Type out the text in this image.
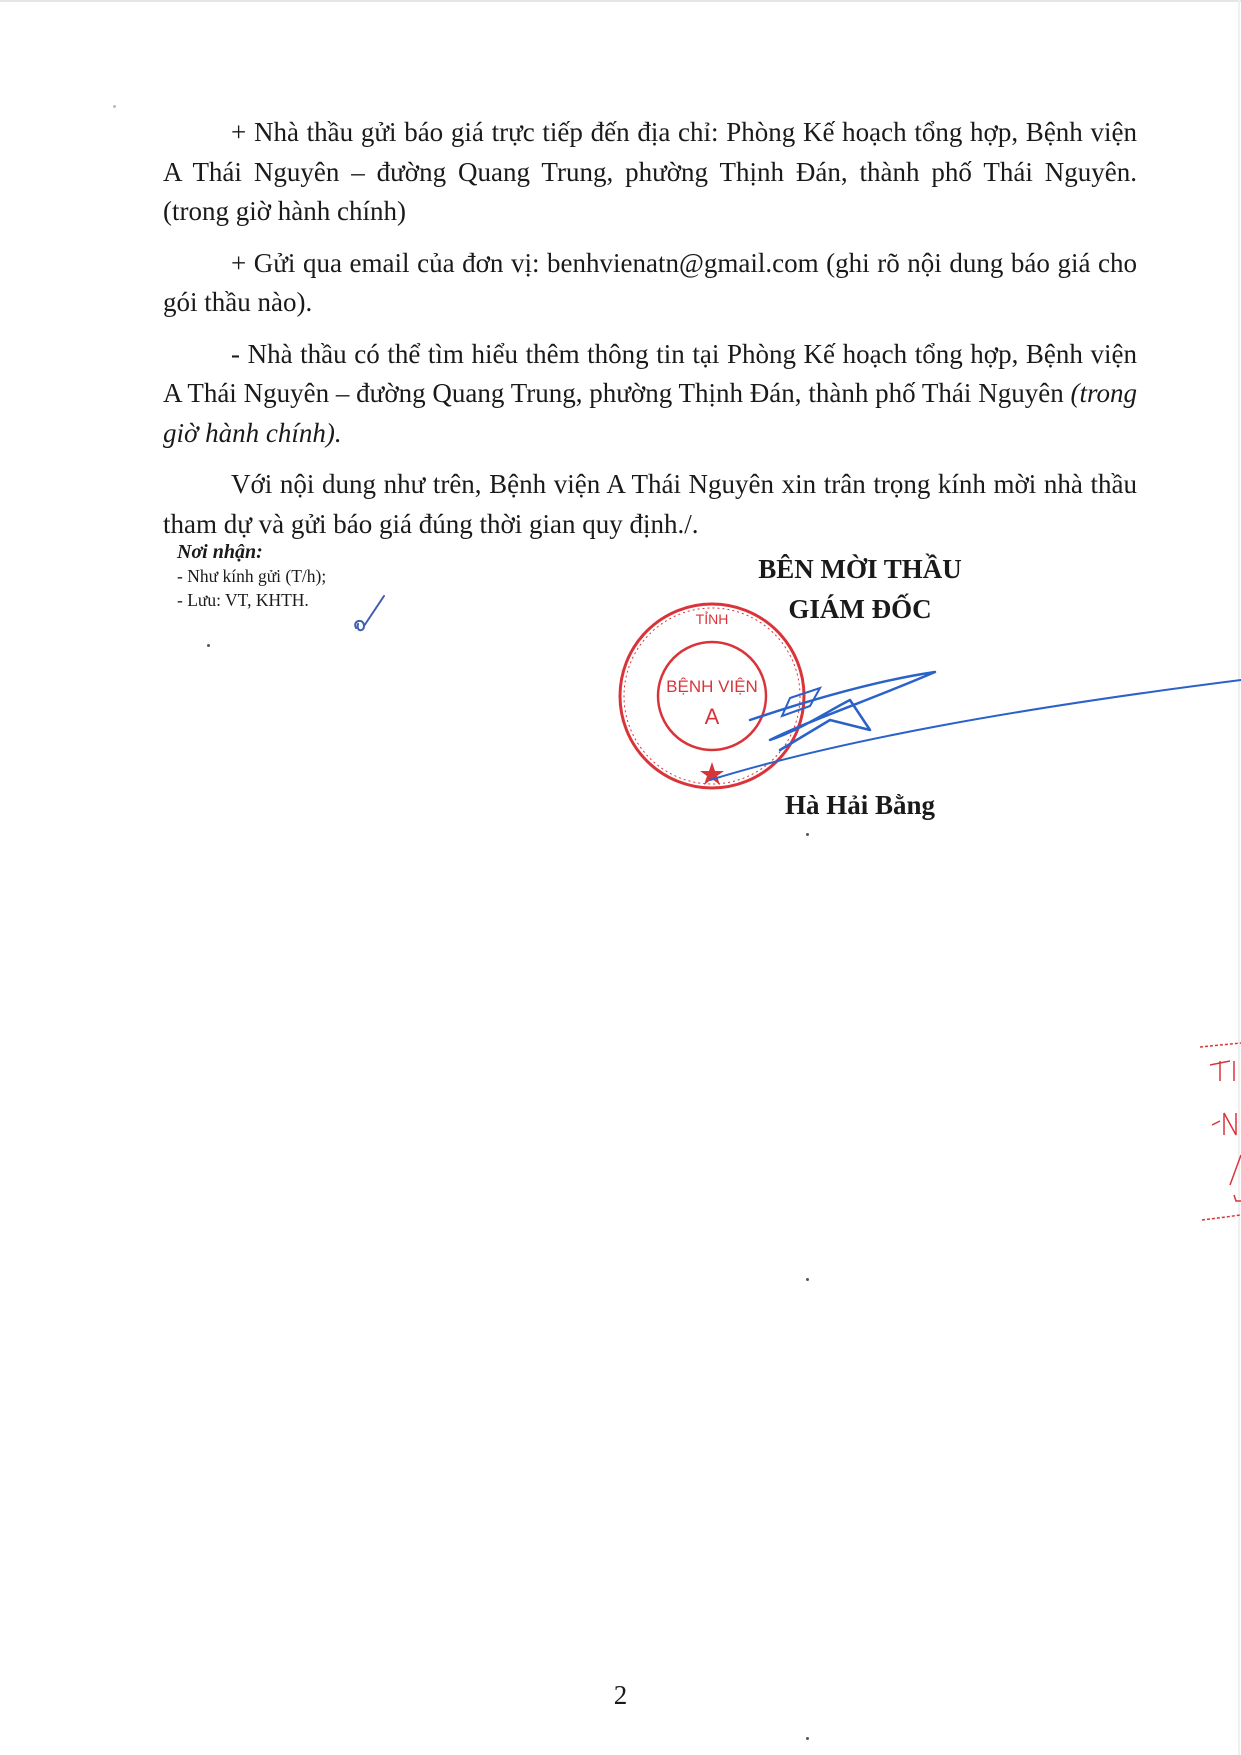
+ Nhà thầu gửi báo giá trực tiếp đến địa chỉ: Phòng Kế hoạch tổng hợp, Bệnh viện A Thái Nguyên – đường Quang Trung, phường Thịnh Đán, thành phố Thái Nguyên. (trong giờ hành chính)

+ Gửi qua email của đơn vị: benhvienatn@gmail.com (ghi rõ nội dung báo giá cho gói thầu nào).

- Nhà thầu có thể tìm hiểu thêm thông tin tại Phòng Kế hoạch tổng hợp, Bệnh viện A Thái Nguyên – đường Quang Trung, phường Thịnh Đán, thành phố Thái Nguyên (trong giờ hành chính).

Với nội dung như trên, Bệnh viện A Thái Nguyên xin trân trọng kính mời nhà thầu tham dự và gửi báo giá đúng thời gian quy định./.

Nơi nhận:
- Như kính gửi (T/h);
- Lưu: VT, KHTH.
TỈNH
BỆNH VIỆN
A
BÊN MỜI THẦU
GIÁM ĐỐC
Hà Hải Bằng
2
